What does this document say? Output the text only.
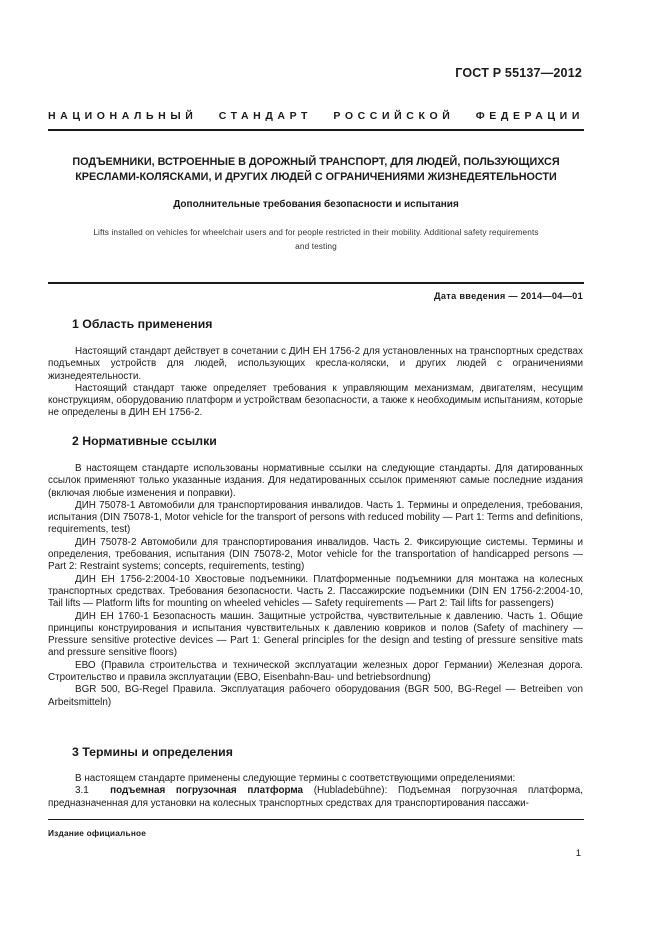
ГОСТ Р 55137—2012
НАЦИОНАЛЬНЫЙ СТАНДАРТ РОССИЙСКОЙ ФЕДЕРАЦИИ
ПОДЪЕМНИКИ, ВСТРОЕННЫЕ В ДОРОЖНЫЙ ТРАНСПОРТ, ДЛЯ ЛЮДЕЙ, ПОЛЬЗУЮЩИХСЯ
КРЕСЛАМИ-КОЛЯСКАМИ, И ДРУГИХ ЛЮДЕЙ С ОГРАНИЧЕНИЯМИ ЖИЗНЕДЕЯТЕЛЬНОСТИ
Дополнительные требования безопасности и испытания
Lifts installed on vehicles for wheelchair users and for people restricted in their mobility. Additional safety requirements
and testing
Дата введения — 2014—04—01
1 Область применения

Настоящий стандарт действует в сочетании с ДИН ЕН 1756-2 для установленных на транспортных средствах подъемных устройств для людей, использующих кресла-коляски, и других людей с ограничениями жизнедеятельности.

Настоящий стандарт также определяет требования к управляющим механизмам, двигателям, несущим конструкциям, оборудованию платформ и устройствам безопасности, а также к необходимым испытаниям, которые не определены в ДИН ЕН 1756-2.

2 Нормативные ссылки

В настоящем стандарте использованы нормативные ссылки на следующие стандарты. Для датированных ссылок применяют только указанные издания. Для недатированных ссылок применяют самые последние издания (включая любые изменения и поправки).

ДИН 75078-1 Автомобили для транспортирования инвалидов. Часть 1. Термины и определения, требования, испытания (DIN 75078-1, Motor vehicle for the transport of persons with reduced mobility — Part 1: Terms and definitions, requirements, test)

ДИН 75078-2 Автомобили для транспортирования инвалидов. Часть 2. Фиксирующие системы. Термины и определения, требования, испытания (DIN 75078-2, Motor vehicle for the transportation of handicapped persons — Part 2: Restraint systems; concepts, requirements, testing)

ДИН ЕН 1756-2:2004-10 Хвостовые подъемники. Платформенные подъемники для монтажа на колесных транспортных средствах. Требования безопасности. Часть 2. Пассажирские подъемники (DIN EN 1756-2:2004-10, Tail lifts — Platform lifts for mounting on wheeled vehicles — Safety requirements — Part 2: Tail lifts for passengers)

ДИН ЕН 1760-1 Безопасность машин. Защитные устройства, чувствительные к давлению. Часть 1. Общие принципы конструирования и испытания чувствительных к давлению ковриков и полов (Safety of machinery — Pressure sensitive protective devices — Part 1: General principles for the design and testing of pressure sensitive mats and pressure sensitive floors)

ЕВО (Правила строительства и технической эксплуатации железных дорог Германии) Железная дорога. Строительство и правила эксплуатации (EBO, Eisenbahn-Bau- und betriebsordnung)

BGR 500, BG-Regel Правила. Эксплуатация рабочего оборудования (BGR 500, BG-Regel — Betreiben von Arbeitsmitteln)

3 Термины и определения

В настоящем стандарте применены следующие термины с соответствующими определениями:

3.1 подъемная погрузочная платформа (Hubladebühne): Подъемная погрузочная платформа, предназначенная для установки на колесных транспортных средствах для транспортирования пассажи-

Издание официальное
1
